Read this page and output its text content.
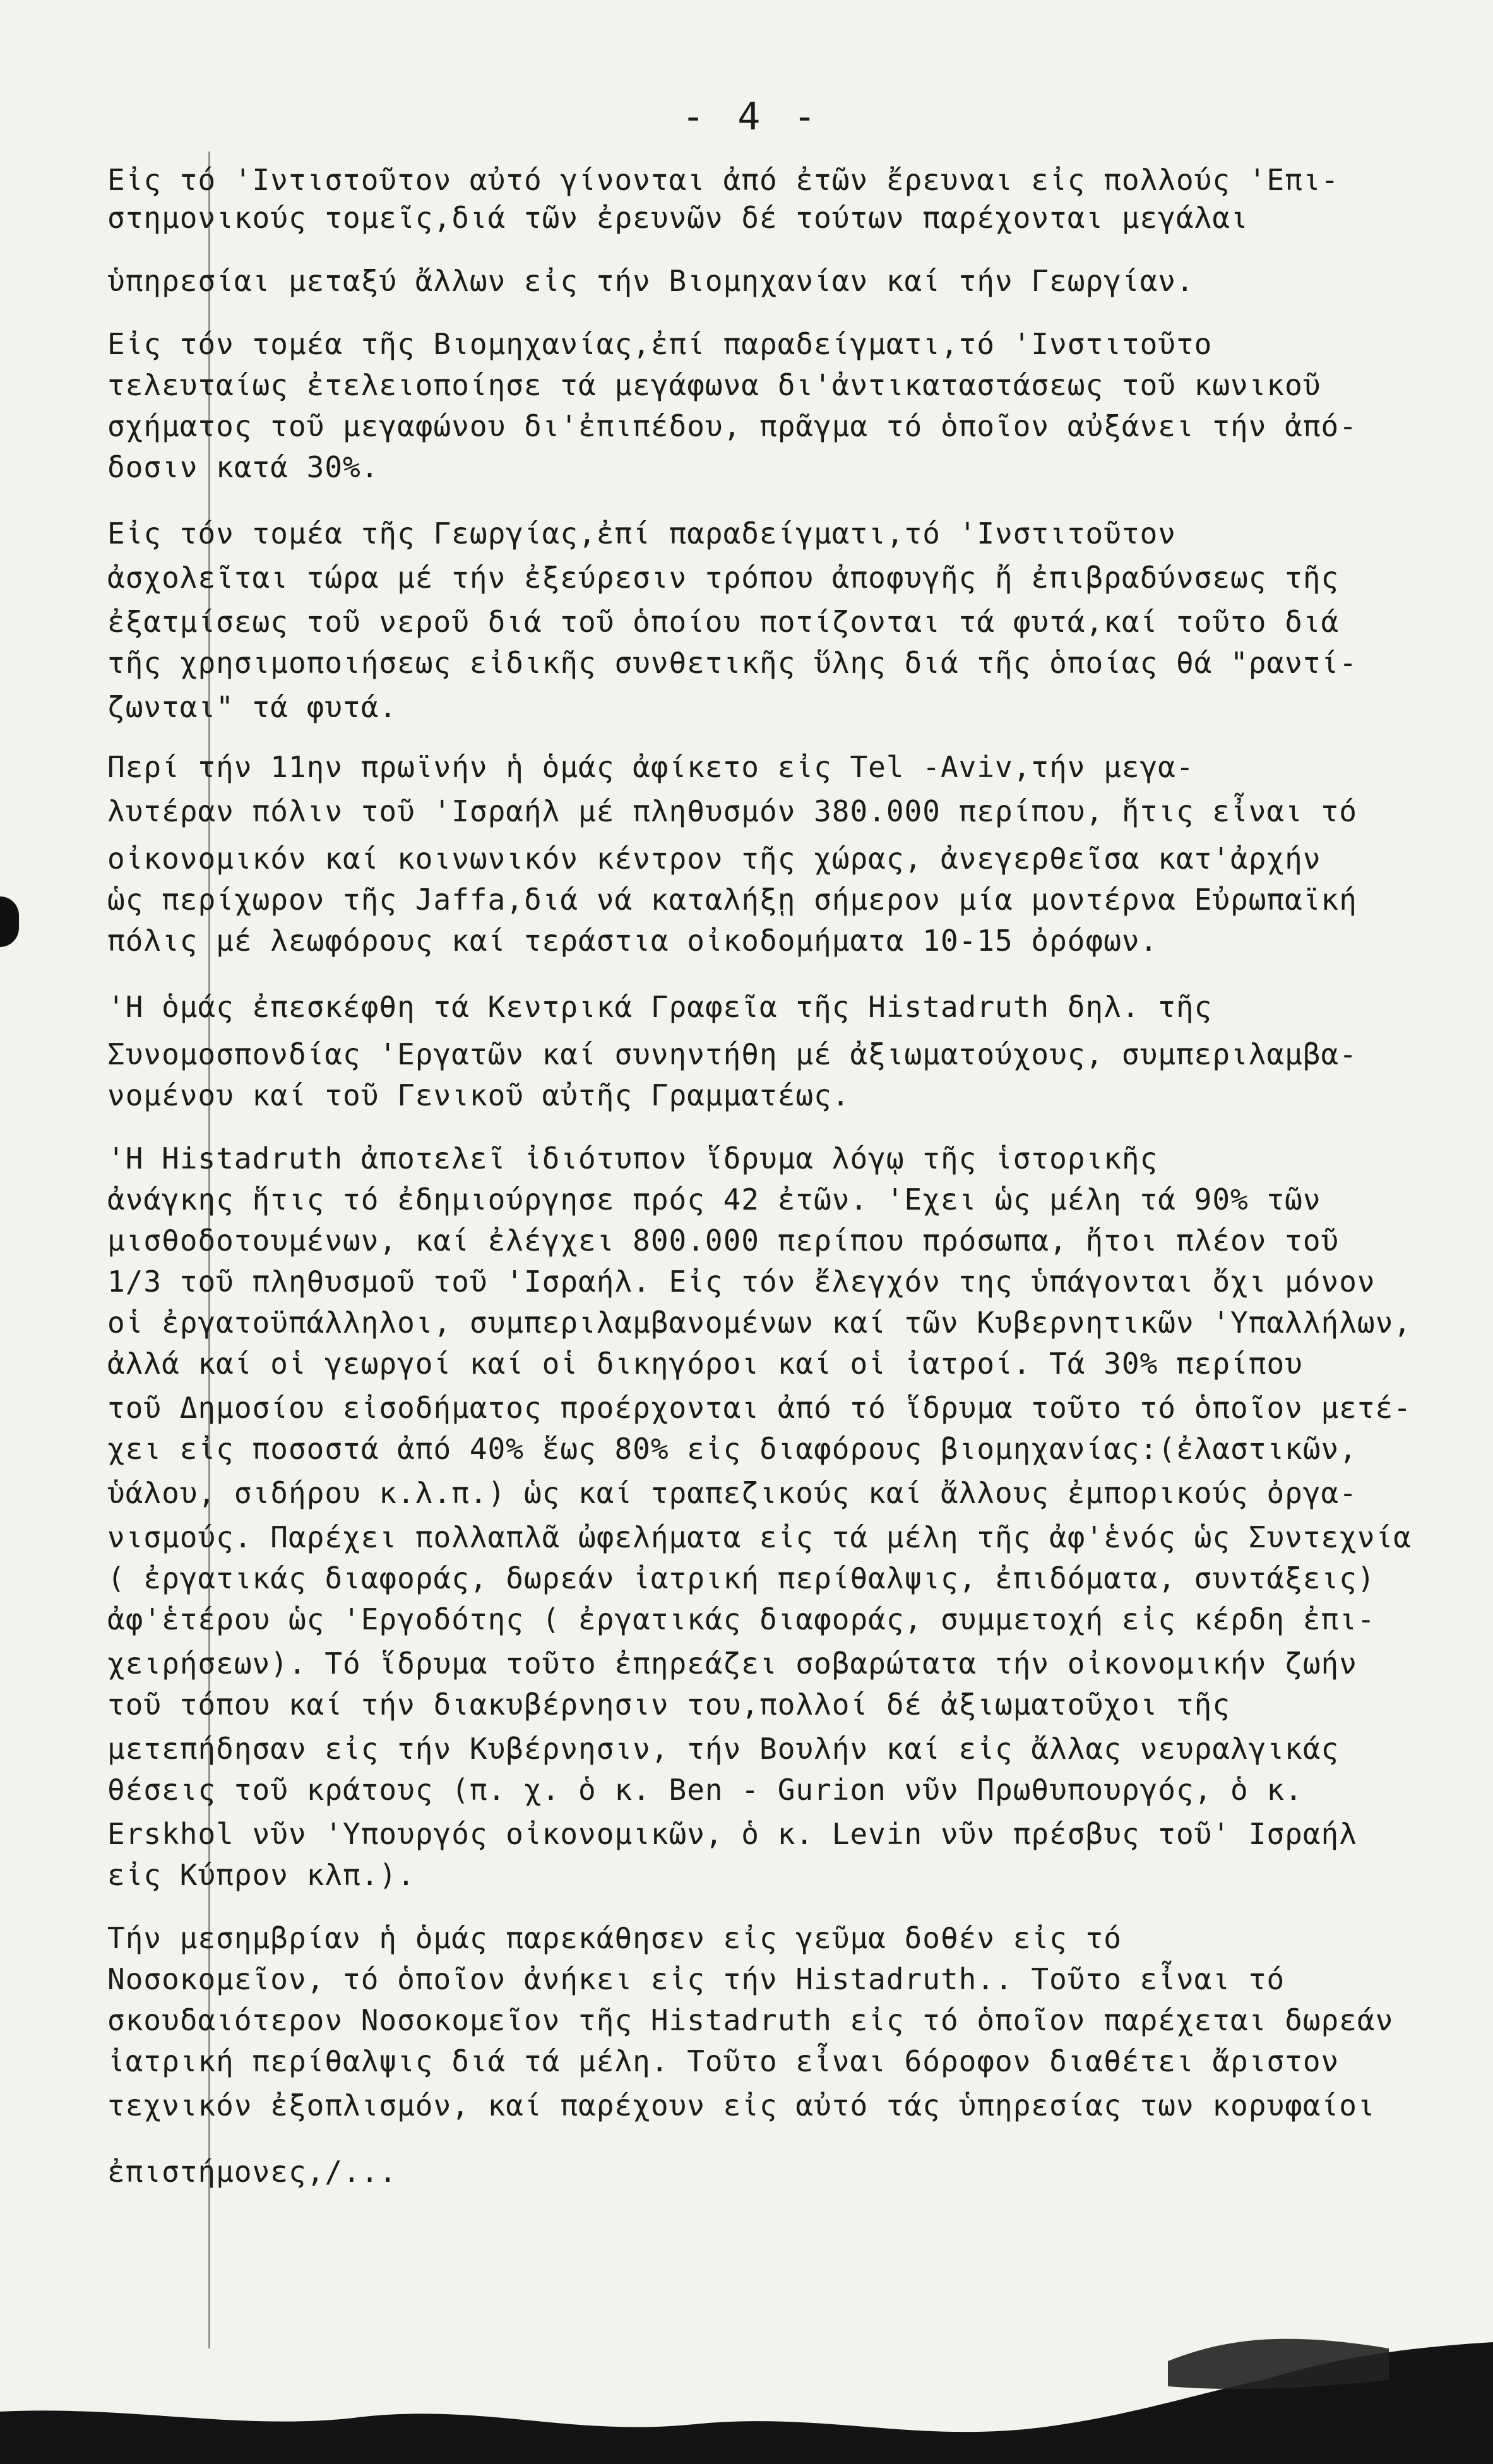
- 4 -
Εἰς τό 'Ιντιστοῦτον αὐτό γίνονται ἀπό ἐτῶν ἔρευναι εἰς πολλούς 'Επι-
στημονικούς τομεῖς,διά τῶν ἐρευνῶν δέ τούτων παρέχονται μεγάλαι
ὑπηρεσίαι μεταξύ ἄλλων εἰς τήν Βιομηχανίαν καί τήν Γεωργίαν.
Εἰς τόν τομέα τῆς Βιομηχανίας,ἐπί παραδείγματι,τό 'Ινστιτοῦτο
τελευταίως ἐτελειοποίησε τά μεγάφωνα δι'ἀντικαταστάσεως τοῦ κωνικοῦ
σχήματος τοῦ μεγαφώνου δι'ἐπιπέδου, πρᾶγμα τό ὁποῖον αὐξάνει τήν ἀπό-
δοσιν κατά 30%.
Εἰς τόν τομέα τῆς Γεωργίας,ἐπί παραδείγματι,τό 'Ινστιτοῦτον
ἀσχολεῖται τώρα μέ τήν ἐξεύρεσιν τρόπου ἀποφυγῆς ἤ ἐπιβραδύνσεως τῆς
ἐξατμίσεως τοῦ νεροῦ διά τοῦ ὁποίου ποτίζονται τά φυτά,καί τοῦτο διά
τῆς χρησιμοποιήσεως εἰδικῆς συνθετικῆς ὕλης διά τῆς ὁποίας θά "ραντί-
ζωνται" τά φυτά.
Περί τήν 11ην πρωϊνήν ἡ ὁμάς ἀφίκετο εἰς Tel -Aviv,τήν μεγα-
λυτέραν πόλιν τοῦ 'Ισραήλ μέ πληθυσμόν 380.000 περίπου, ἥτις εἶναι τό
οἰκονομικόν καί κοινωνικόν κέντρον τῆς χώρας, ἀνεγερθεῖσα κατ'ἀρχήν
ὡς περίχωρον τῆς Jaffa,διά νά καταλήξῃ σήμερον μία μοντέρνα Εὐρωπαϊκή
πόλις μέ λεωφόρους καί τεράστια οἰκοδομήματα 10-15 ὀρόφων.
'Η ὁμάς ἐπεσκέφθη τά Κεντρικά Γραφεῖα τῆς Histadruth δηλ. τῆς
Συνομοσπονδίας 'Εργατῶν καί συνηντήθη μέ ἀξιωματούχους, συμπεριλαμβα-
νομένου καί τοῦ Γενικοῦ αὐτῆς Γραμματέως.
'Η Histadruth ἀποτελεῖ ἰδιότυπον ἵδρυμα λόγῳ τῆς ἱστορικῆς
ἀνάγκης ἥτις τό ἐδημιούργησε πρός 42 ἐτῶν. 'Εχει ὡς μέλη τά 90% τῶν
μισθοδοτουμένων, καί ἐλέγχει 800.000 περίπου πρόσωπα, ἤτοι πλέον τοῦ
1/3 τοῦ πληθυσμοῦ τοῦ 'Ισραήλ. Εἰς τόν ἔλεγχόν της ὑπάγονται ὄχι μόνον
οἱ ἐργατοϋπάλληλοι, συμπεριλαμβανομένων καί τῶν Κυβερνητικῶν 'Υπαλλήλων,
ἀλλά καί οἱ γεωργοί καί οἱ δικηγόροι καί οἱ ἰατροί. Τά 30% περίπου
τοῦ Δημοσίου εἰσοδήματος προέρχονται ἀπό τό ἵδρυμα τοῦτο τό ὁποῖον μετέ-
χει εἰς ποσοστά ἀπό 40% ἕως 80% εἰς διαφόρους βιομηχανίας:(ἐλαστικῶν,
ὑάλου, σιδήρου κ.λ.π.) ὡς καί τραπεζικούς καί ἄλλους ἐμπορικούς ὀργα-
νισμούς. Παρέχει πολλαπλᾶ ὠφελήματα εἰς τά μέλη τῆς ἀφ'ἑνός ὡς Συντεχνία
( ἐργατικάς διαφοράς, δωρεάν ἰατρική περίθαλψις, ἐπιδόματα, συντάξεις)
ἀφ'ἑτέρου ὡς 'Εργοδότης ( ἐργατικάς διαφοράς, συμμετοχή εἰς κέρδη ἐπι-
χειρήσεων). Τό ἵδρυμα τοῦτο ἐπηρεάζει σοβαρώτατα τήν οἰκονομικήν ζωήν
τοῦ τόπου καί τήν διακυβέρνησιν του,πολλοί δέ ἀξιωματοῦχοι τῆς
μετεπήδησαν εἰς τήν Κυβέρνησιν, τήν Βουλήν καί εἰς ἄλλας νευραλγικάς
θέσεις τοῦ κράτους (π. χ. ὁ κ. Ben - Gurion νῦν Πρωθυπουργός, ὁ κ.
Erskhol νῦν 'Υπουργός οἰκονομικῶν, ὁ κ. Levin νῦν πρέσβυς τοῦ' Ισραήλ
εἰς Κύπρον κλπ.).
Τήν μεσημβρίαν ἡ ὁμάς παρεκάθησεν εἰς γεῦμα δοθέν εἰς τό
Νοσοκομεῖον, τό ὁποῖον ἀνήκει εἰς τήν Histadruth.. Τοῦτο εἶναι τό
σκουδαιότερον Νοσοκομεῖον τῆς Histadruth εἰς τό ὁποῖον παρέχεται δωρεάν
ἰατρική περίθαλψις διά τά μέλη. Τοῦτο εἶναι 6όροφον διαθέτει ἄριστον
τεχνικόν ἐξοπλισμόν, καί παρέχουν εἰς αὐτό τάς ὑπηρεσίας των κορυφαίοι
ἐπιστήμονες,/...
